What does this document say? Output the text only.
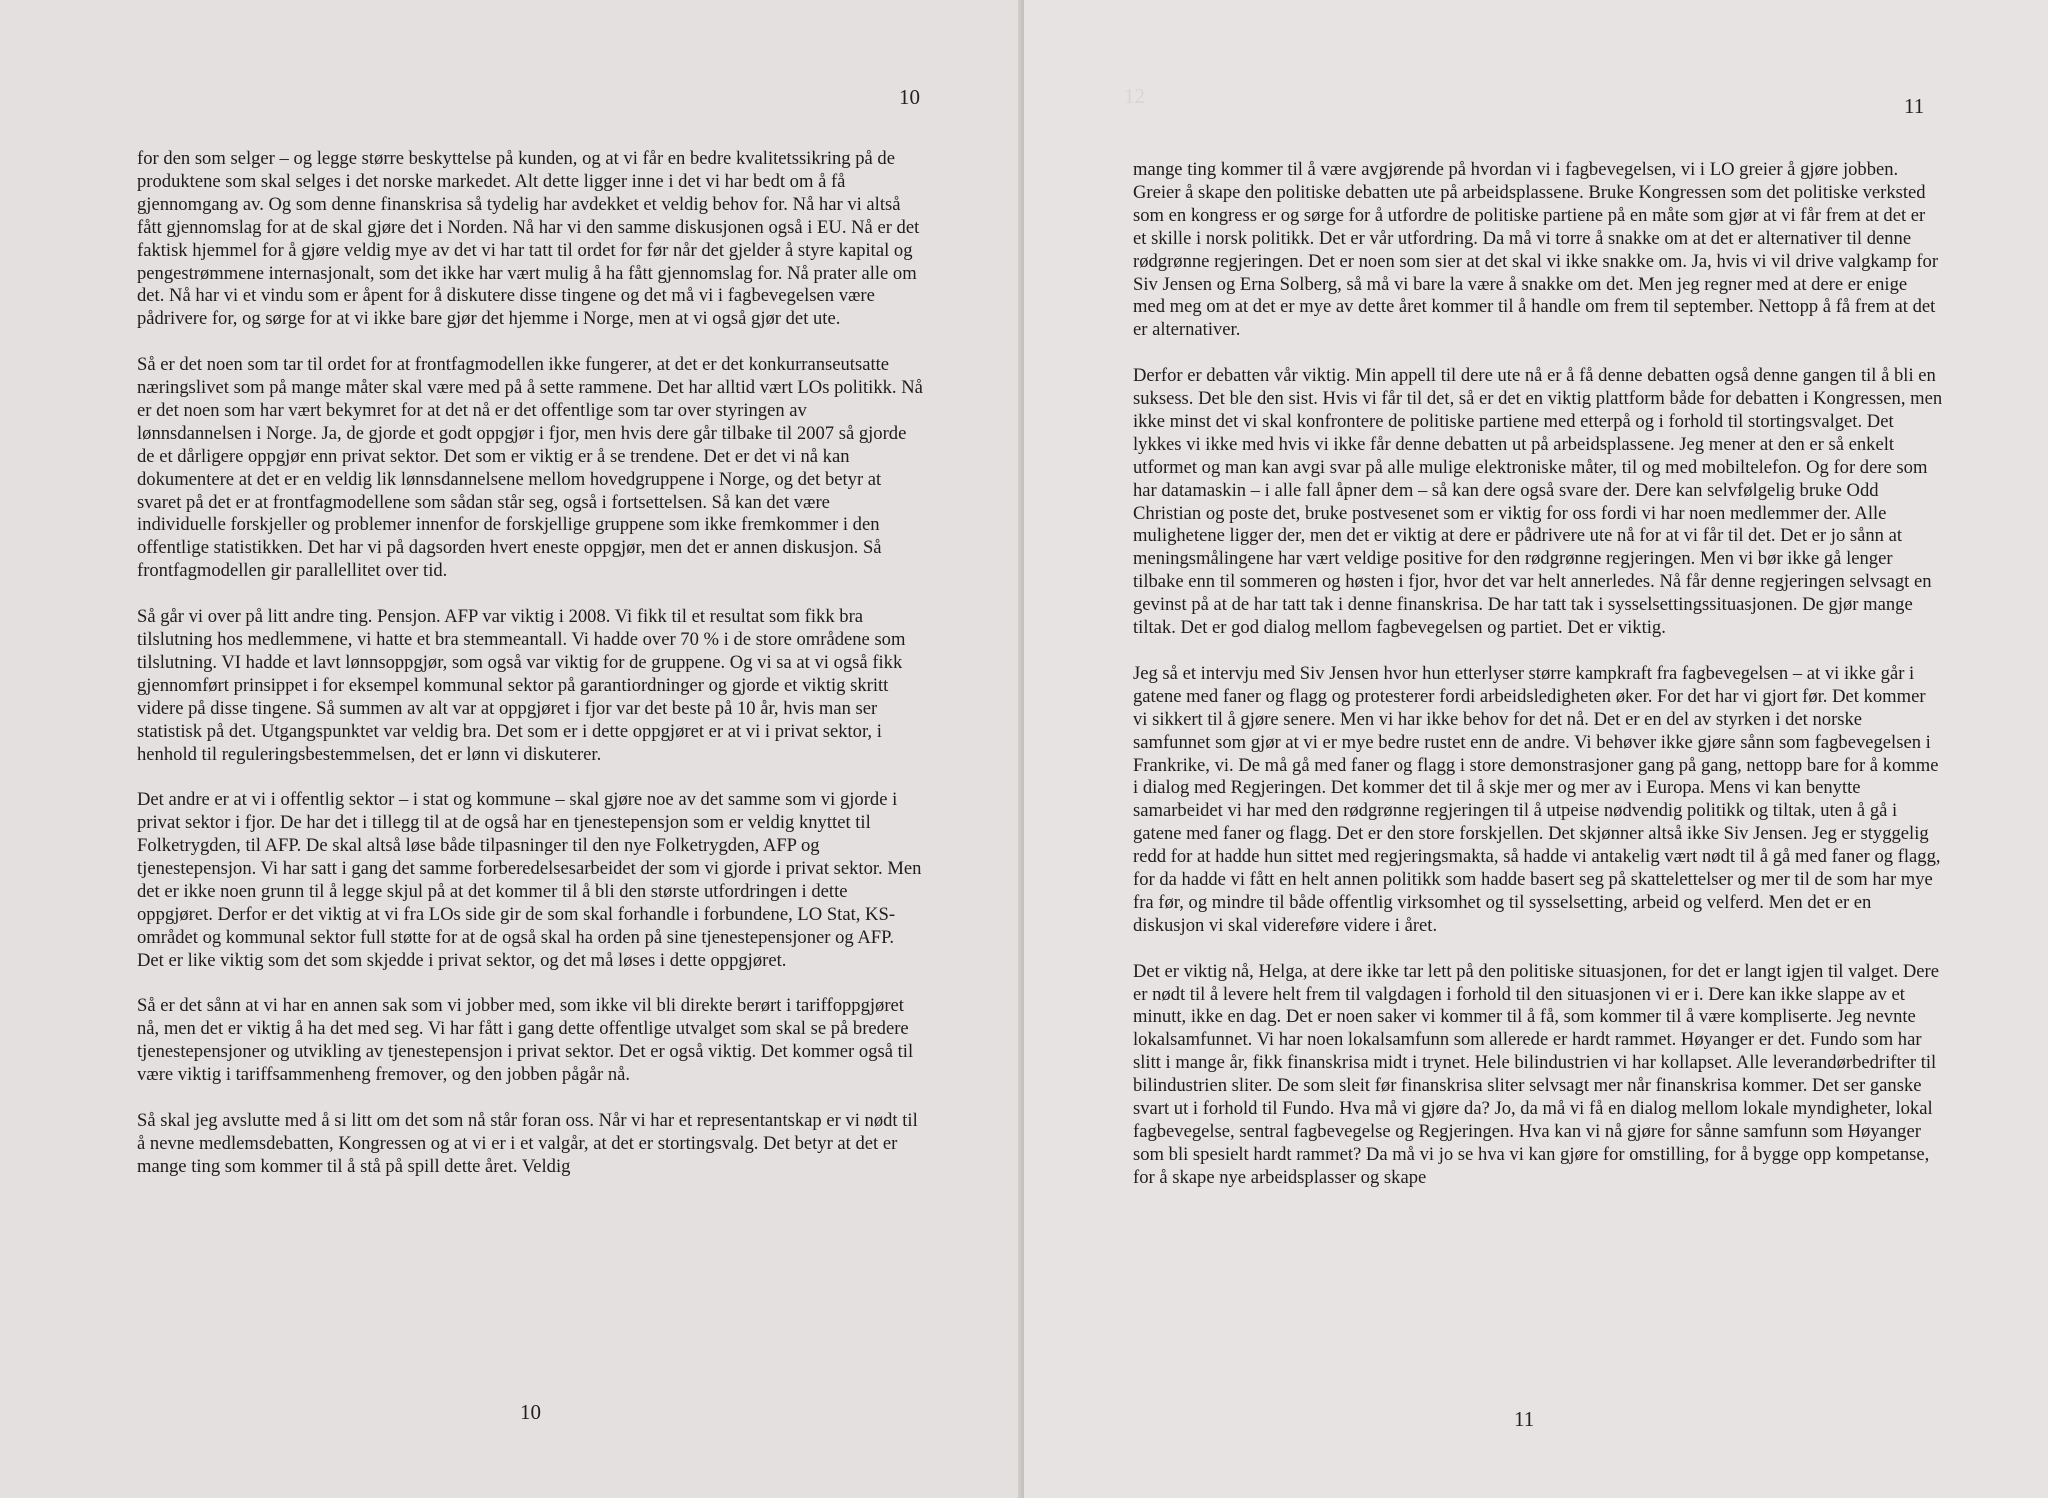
10

for den som selger – og legge større beskyttelse på kunden, og at vi får en bedre kvalitetssikring på de produktene som skal selges i det norske markedet. Alt dette ligger inne i det vi har bedt om å få gjennomgang av. Og som denne finanskrisa så tydelig har avdekket et veldig behov for. Nå har vi altså fått gjennomslag for at de skal gjøre det i Norden. Nå har vi den samme diskusjonen også i EU. Nå er det faktisk hjemmel for å gjøre veldig mye av det vi har tatt til ordet for før når det gjelder å styre kapital og pengestrømmene internasjonalt, som det ikke har vært mulig å ha fått gjennomslag for. Nå prater alle om det. Nå har vi et vindu som er åpent for å diskutere disse tingene og det må vi i fagbevegelsen være pådrivere for, og sørge for at vi ikke bare gjør det hjemme i Norge, men at vi også gjør det ute.

Så er det noen som tar til ordet for at frontfagmodellen ikke fungerer, at det er det konkurranseutsatte næringslivet som på mange måter skal være med på å sette rammene. Det har alltid vært LOs politikk. Nå er det noen som har vært bekymret for at det nå er det offentlige som tar over styringen av lønnsdannelsen i Norge. Ja, de gjorde et godt oppgjør i fjor, men hvis dere går tilbake til 2007 så gjorde de et dårligere oppgjør enn privat sektor. Det som er viktig er å se trendene. Det er det vi nå kan dokumentere at det er en veldig lik lønnsdannelsene mellom hovedgruppene i Norge, og det betyr at svaret på det er at frontfagmodellene som sådan står seg, også i fortsettelsen. Så kan det være individuelle forskjeller og problemer innenfor de forskjellige gruppene som ikke fremkommer i den offentlige statistikken. Det har vi på dagsorden hvert eneste oppgjør, men det er annen diskusjon. Så frontfagmodellen gir parallellitet over tid.

Så går vi over på litt andre ting. Pensjon. AFP var viktig i 2008. Vi fikk til et resultat som fikk bra tilslutning hos medlemmene, vi hatte et bra stemmeantall. Vi hadde over 70 % i de store områdene som tilslutning. VI hadde et lavt lønnsoppgjør, som også var viktig for de gruppene. Og vi sa at vi også fikk gjennomført prinsippet i for eksempel kommunal sektor på garantiordninger og gjorde et viktig skritt videre på disse tingene. Så summen av alt var at oppgjøret i fjor var det beste på 10 år, hvis man ser statistisk på det. Utgangspunktet var veldig bra. Det som er i dette oppgjøret er at vi i privat sektor, i henhold til reguleringsbestemmelsen, det er lønn vi diskuterer.

Det andre er at vi i offentlig sektor – i stat og kommune – skal gjøre noe av det samme som vi gjorde i privat sektor i fjor. De har det i tillegg til at de også har en tjenestepensjon som er veldig knyttet til Folketrygden, til AFP. De skal altså løse både tilpasninger til den nye Folketrygden, AFP og tjenestepensjon. Vi har satt i gang det samme forberedelsesarbeidet der som vi gjorde i privat sektor. Men det er ikke noen grunn til å legge skjul på at det kommer til å bli den største utfordringen i dette oppgjøret. Derfor er det viktig at vi fra LOs side gir de som skal forhandle i forbundene, LO Stat, KS-området og kommunal sektor full støtte for at de også skal ha orden på sine tjenestepensjoner og AFP. Det er like viktig som det som skjedde i privat sektor, og det må løses i dette oppgjøret.

Så er det sånn at vi har en annen sak som vi jobber med, som ikke vil bli direkte berørt i tariffoppgjøret nå, men det er viktig å ha det med seg. Vi har fått i gang dette offentlige utvalget som skal se på bredere tjenestepensjoner og utvikling av tjenestepensjon i privat sektor. Det er også viktig. Det kommer også til være viktig i tariffsammenheng fremover, og den jobben pågår nå.

Så skal jeg avslutte med å si litt om det som nå står foran oss. Når vi har et representantskap er vi nødt til å nevne medlemsdebatten, Kongressen og at vi er i et valgår, at det er stortingsvalg. Det betyr at det er mange ting som kommer til å stå på spill dette året. Veldig

10
12	11

mange ting kommer til å være avgjørende på hvordan vi i fagbevegelsen, vi i LO greier å gjøre jobben. Greier å skape den politiske debatten ute på arbeidsplassene. Bruke Kongressen som det politiske verksted som en kongress er og sørge for å utfordre de politiske partiene på en måte som gjør at vi får frem at det er et skille i norsk politikk. Det er vår utfordring. Da må vi torre å snakke om at det er alternativer til denne rødgrønne regjeringen. Det er noen som sier at det skal vi ikke snakke om. Ja, hvis vi vil drive valgkamp for Siv Jensen og Erna Solberg, så må vi bare la være å snakke om det. Men jeg regner med at dere er enige med meg om at det er mye av dette året kommer til å handle om frem til september. Nettopp å få frem at det er alternativer.

Derfor er debatten vår viktig. Min appell til dere ute nå er å få denne debatten også denne gangen til å bli en suksess. Det ble den sist. Hvis vi får til det, så er det en viktig plattform både for debatten i Kongressen, men ikke minst det vi skal konfrontere de politiske partiene med etterpå og i forhold til stortingsvalget. Det lykkes vi ikke med hvis vi ikke får denne debatten ut på arbeidsplassene. Jeg mener at den er så enkelt utformet og man kan avgi svar på alle mulige elektroniske måter, til og med mobiltelefon. Og for dere som har datamaskin – i alle fall åpner dem – så kan dere også svare der. Dere kan selvfølgelig bruke Odd Christian og poste det, bruke postvesenet som er viktig for oss fordi vi har noen medlemmer der. Alle mulighetene ligger der, men det er viktig at dere er pådrivere ute nå for at vi får til det. Det er jo sånn at meningsmålingene har vært veldige positive for den rødgrønne regjeringen. Men vi bør ikke gå lenger tilbake enn til sommeren og høsten i fjor, hvor det var helt annerledes. Nå får denne regjeringen selvsagt en gevinst på at de har tatt tak i denne finanskrisa. De har tatt tak i sysselsettingssituasjonen. De gjør mange tiltak. Det er god dialog mellom fagbevegelsen og partiet. Det er viktig.

Jeg så et intervju med Siv Jensen hvor hun etterlyser større kampkraft fra fagbevegelsen – at vi ikke går i gatene med faner og flagg og protesterer fordi arbeidsledigheten øker. For det har vi gjort før. Det kommer vi sikkert til å gjøre senere. Men vi har ikke behov for det nå. Det er en del av styrken i det norske samfunnet som gjør at vi er mye bedre rustet enn de andre. Vi behøver ikke gjøre sånn som fagbevegelsen i Frankrike, vi. De må gå med faner og flagg i store demonstrasjoner gang på gang, nettopp bare for å komme i dialog med Regjeringen. Det kommer det til å skje mer og mer av i Europa. Mens vi kan benytte samarbeidet vi har med den rødgrønne regjeringen til å utpeise nødvendig politikk og tiltak, uten å gå i gatene med faner og flagg. Det er den store forskjellen. Det skjønner altså ikke Siv Jensen. Jeg er styggelig redd for at hadde hun sittet med regjeringsmakta, så hadde vi antakelig vært nødt til å gå med faner og flagg, for da hadde vi fått en helt annen politikk som hadde basert seg på skattelettelser og mer til de som har mye fra før, og mindre til både offentlig virksomhet og til sysselsetting, arbeid og velferd. Men det er en diskusjon vi skal videreføre videre i året.

Det er viktig nå, Helga, at dere ikke tar lett på den politiske situasjonen, for det er langt igjen til valget. Dere er nødt til å levere helt frem til valgdagen i forhold til den situasjonen vi er i. Dere kan ikke slappe av et minutt, ikke en dag. Det er noen saker vi kommer til å få, som kommer til å være kompliserte. Jeg nevnte lokalsamfunnet. Vi har noen lokalsamfunn som allerede er hardt rammet. Høyanger er det. Fundo som har slitt i mange år, fikk finanskrisa midt i trynet. Hele bilindustrien vi har kollapset. Alle leverandørbedrifter til bilindustrien sliter. De som sleit før finanskrisa sliter selvsagt mer når finanskrisa kommer. Det ser ganske svart ut i forhold til Fundo. Hva må vi gjøre da? Jo, da må vi få en dialog mellom lokale myndigheter, lokal fagbevegelse, sentral fagbevegelse og Regjeringen. Hva kan vi nå gjøre for sånne samfunn som Høyanger som bli spesielt hardt rammet? Da må vi jo se hva vi kan gjøre for omstilling, for å bygge opp kompetanse, for å skape nye arbeidsplasser og skape

11
